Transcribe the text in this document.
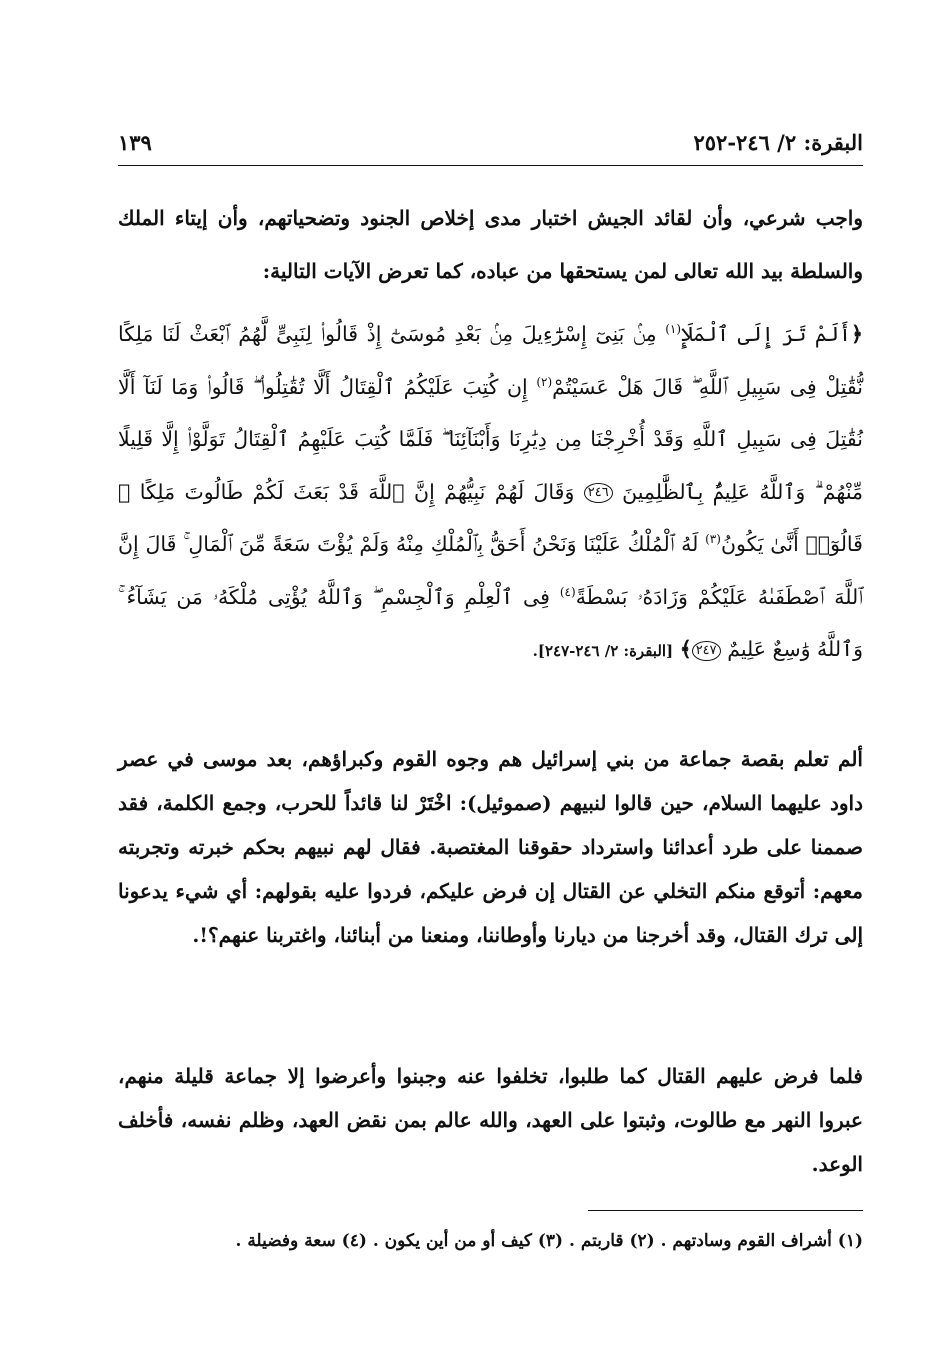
البقرة: ٢/ ٢٤٦-٢٥٢
١٣٩
واجب شرعي، وأن لقائد الجيش اختبار مدى إخلاص الجنود وتضحياتهم، وأن إيتاء الملك والسلطة بيد الله تعالى لمن يستحقها من عباده، كما تعرض الآيات التالية:
﴿أَلَمْ تَرَ إِلَى ٱلْمَلَإِ$^{(١)}$ مِنۢ بَنِىٓ إِسْرَٰٓءِيلَ مِنۢ بَعْدِ مُوسَىٰٓ إِذْ قَالُوا۟ لِنَبِىٍّ لَّهُمُ ٱبْعَثْ لَنَا مَلِكًا نُّقَٰتِلْ فِى سَبِيلِ ٱللَّهِ ۖ قَالَ هَلْ عَسَيْتُمْ$^{(٢)}$ إِن كُتِبَ عَلَيْكُمُ ٱلْقِتَالُ أَلَّا تُقَٰتِلُوا۟ ۖ قَالُوا۟ وَمَا لَنَآ أَلَّا نُقَٰتِلَ فِى سَبِيلِ ٱللَّهِ وَقَدْ أُخْرِجْنَا مِن دِيَٰرِنَا وَأَبْنَآئِنَا ۖ فَلَمَّا كُتِبَ عَلَيْهِمُ ٱلْقِتَالُ تَوَلَّوْا۟ إِلَّا قَلِيلًا مِّنْهُمْ ۗ وَٱللَّهُ عَلِيمٌۢ بِٱلظَّٰلِمِينَ ٢٤٦ وَقَالَ لَهُمْ نَبِيُّهُمْ إِنَّ ٱللَّهَ قَدْ بَعَثَ لَكُمْ طَالُوتَ مَلِكًا ۚ قَالُوٓا۟ أَنَّىٰ يَكُونُ$^{(٣)}$ لَهُ ٱلْمُلْكُ عَلَيْنَا وَنَحْنُ أَحَقُّ بِٱلْمُلْكِ مِنْهُ وَلَمْ يُؤْتَ سَعَةً مِّنَ ٱلْمَالِ ۚ قَالَ إِنَّ ٱللَّهَ ٱصْطَفَىٰهُ عَلَيْكُمْ وَزَادَهُۥ بَسْطَةً$^{(٤)}$ فِى ٱلْعِلْمِ وَٱلْجِسْمِ ۖ وَٱللَّهُ يُؤْتِى مُلْكَهُۥ مَن يَشَآءُ ۚ وَٱللَّهُ وَٰسِعٌ عَلِيمٌ ٢٤٧﴾ [البقرة: ٢/ ٢٤٦-٢٤٧].
ألم تعلم بقصة جماعة من بني إسرائيل هم وجوه القوم وكبراؤهم، بعد موسى في عصر داود عليهما السلام، حين قالوا لنبيهم (صموئيل): اخْتَرْ لنا قائداً للحرب، وجمع الكلمة، فقد صممنا على طرد أعدائنا واسترداد حقوقنا المغتصبة. فقال لهم نبيهم بحكم خبرته وتجربته معهم: أتوقع منكم التخلي عن القتال إن فرض عليكم، فردوا عليه بقولهم: أي شيء يدعونا إلى ترك القتال، وقد أخرجنا من ديارنا وأوطاننا، ومنعنا من أبنائنا، واغتربنا عنهم؟!.
فلما فرض عليهم القتال كما طلبوا، تخلفوا عنه وجبنوا وأعرضوا إلا جماعة قليلة منهم، عبروا النهر مع طالوت، وثبتوا على العهد، والله عالم بمن نقض العهد، وظلم نفسه، فأخلف الوعد.
(١) أشراف القوم وسادتهم . (٢) قاربتم . (٣) كيف أو من أين يكون . (٤) سعة وفضيلة .
